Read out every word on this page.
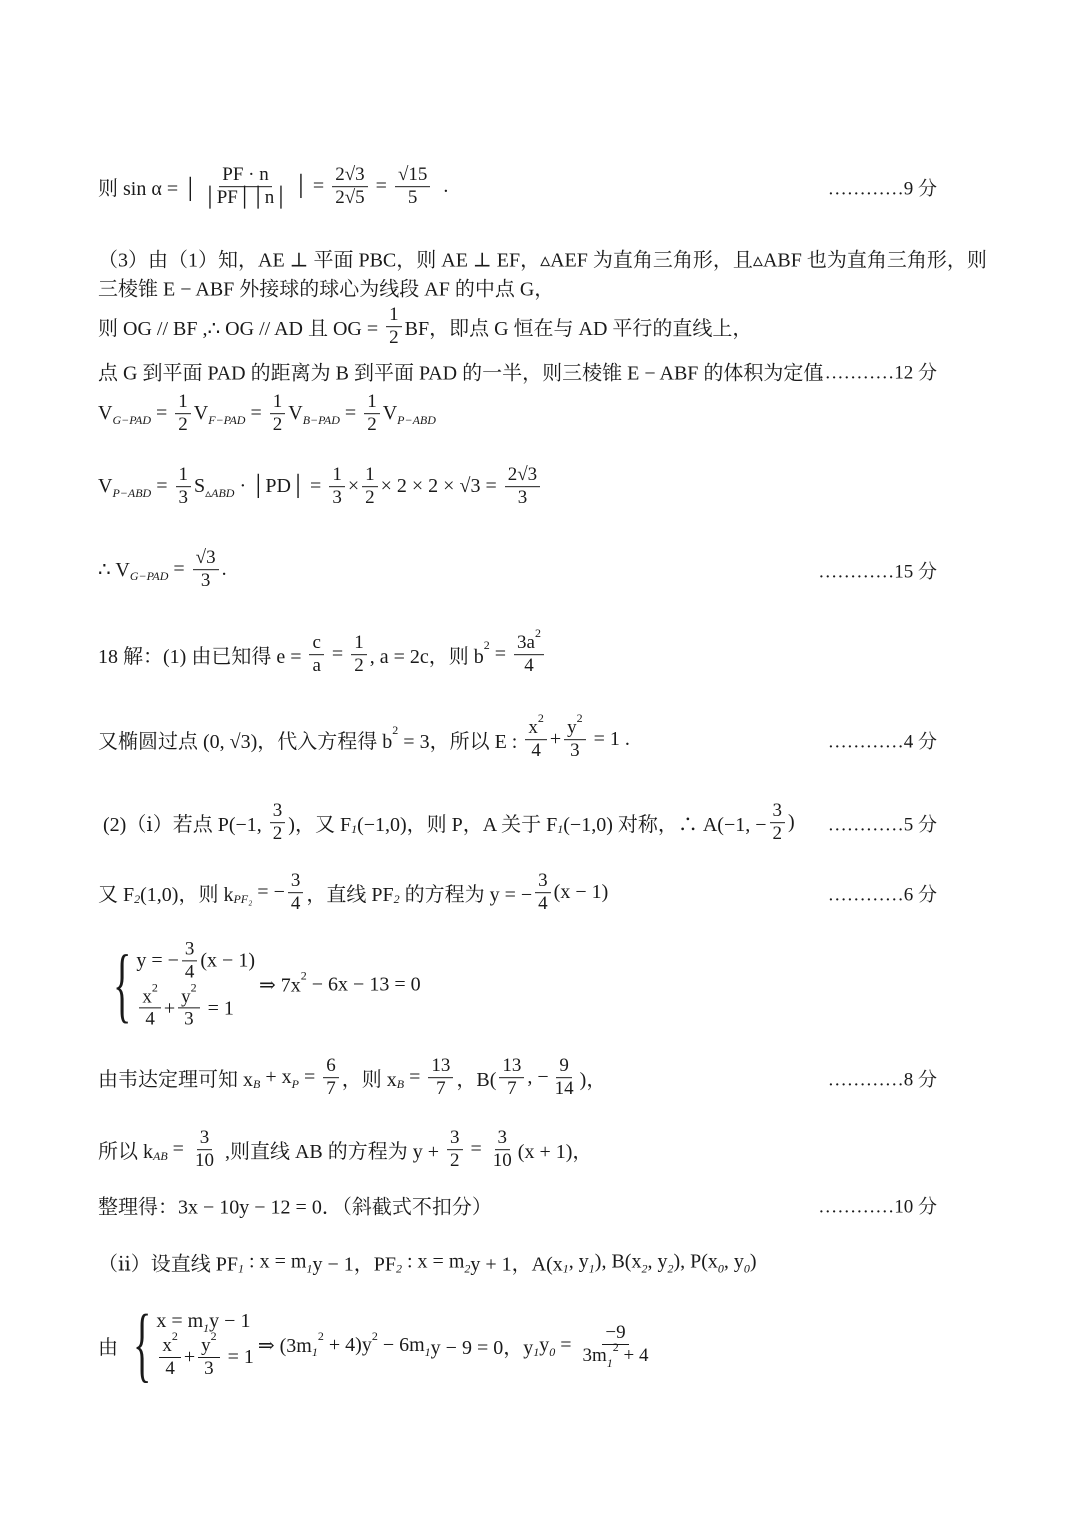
则 sin α = │ $\frac{PF \cdot n}{│PF││n│}$ │ = $\frac{2√3}{2√5} = \frac{√15}{5}$ .	…………9 分
（3）由（1）知，AE ⊥ 平面 PBC，则 AE ⊥ EF，▵AEF 为直角三角形，且▵ABF 也为直角三角形，则
三棱锥 E − ABF 外接球的球心为线段 AF 的中点 G，
则 OG // BF ,∴ OG // AD 且 OG = $\frac{1}{2}$ BF，即点 G 恒在与 AD 平行的直线上，
点 G 到平面 PAD 的距离为 B 到平面 PAD 的一半，则三棱锥 E − ABF 的体积为定值
…………12 分
V $G-PAD = \frac{1}{2}$ V $F-PAD = \frac{1}{2}$ V $B-PAD = \frac{1}{2}$ V P−ABD
V $P-ABD = \frac{1}{3}$ S ▵ABD · │PD│ = $\frac{1}{3} \times \frac{1}{2} \times 2 \times 2 \times √3 = \frac{2√3}{3}$
∴ V $G-PAD = \frac{√3}{3}$ .	…………15 分
18 解：(1) 由已知得 $e = \frac{c}{a} = \frac{1}{2}$ , a = 2c，则 b
$2 = \frac{3a 2}{4}$
又椭圆过点 (0, √3)，代入方程得 b
2
= 3，所以 E : $\frac{x 2}{4} + \frac{y 2}{3} = 1$ .	…………4 分
(2)（ⅰ）若点 P(−1, $\frac{3}{2}$ )，又 F 1 (−1,0)，则 P，A 关于 F 1 (−1,0) 对称，∴ A(−1, − $\frac{3}{2}$ ) …………5 分
又 F 2 (1,0)，则 k PF₂ = − $\frac{3}{4}$ ，直线 PF 2 的方程为 y = − $\frac{3}{4} (x - 1)$	…………6 分
{ y = − $\frac{3}{4} (x - 1)$
$\frac{x 2}{4} + \frac{y 2}{3} = 1$
⇒ 7x 2 − 6x − 13 = 0
由韦达定理可知 x B + x $P = \frac{6}{7}$ ，则 x $B = \frac{13}{7}$ ，$B( \frac{13}{7}$ , − $\frac{9}{14}$ )，	…………8 分
所以 k AB = $\frac{3}{10}$ ,则直线 AB 的方程为 $y + \frac{3}{2} = \frac{3}{10} (x + 1)$，
整理得：3x − 10y − 12 = 0．（斜截式不扣分）	…………10 分
（ⅱ）设直线 PF 1 : x = m 1 y − 1，PF 2 : x = m 2 y + 1，A(x 1 , y 1 ), B(x 2 , y 2 ), P(x 0 , y 0 )
由 { x = m 1 y − 1
$\frac{x 2}{4} + \frac{y 2}{3} = 1$
⇒ (3m 1
2 + 4)y 2 − 6m 1 y − 9 = 0，y 1 y 0 = −9
3m 1
2 + 4
